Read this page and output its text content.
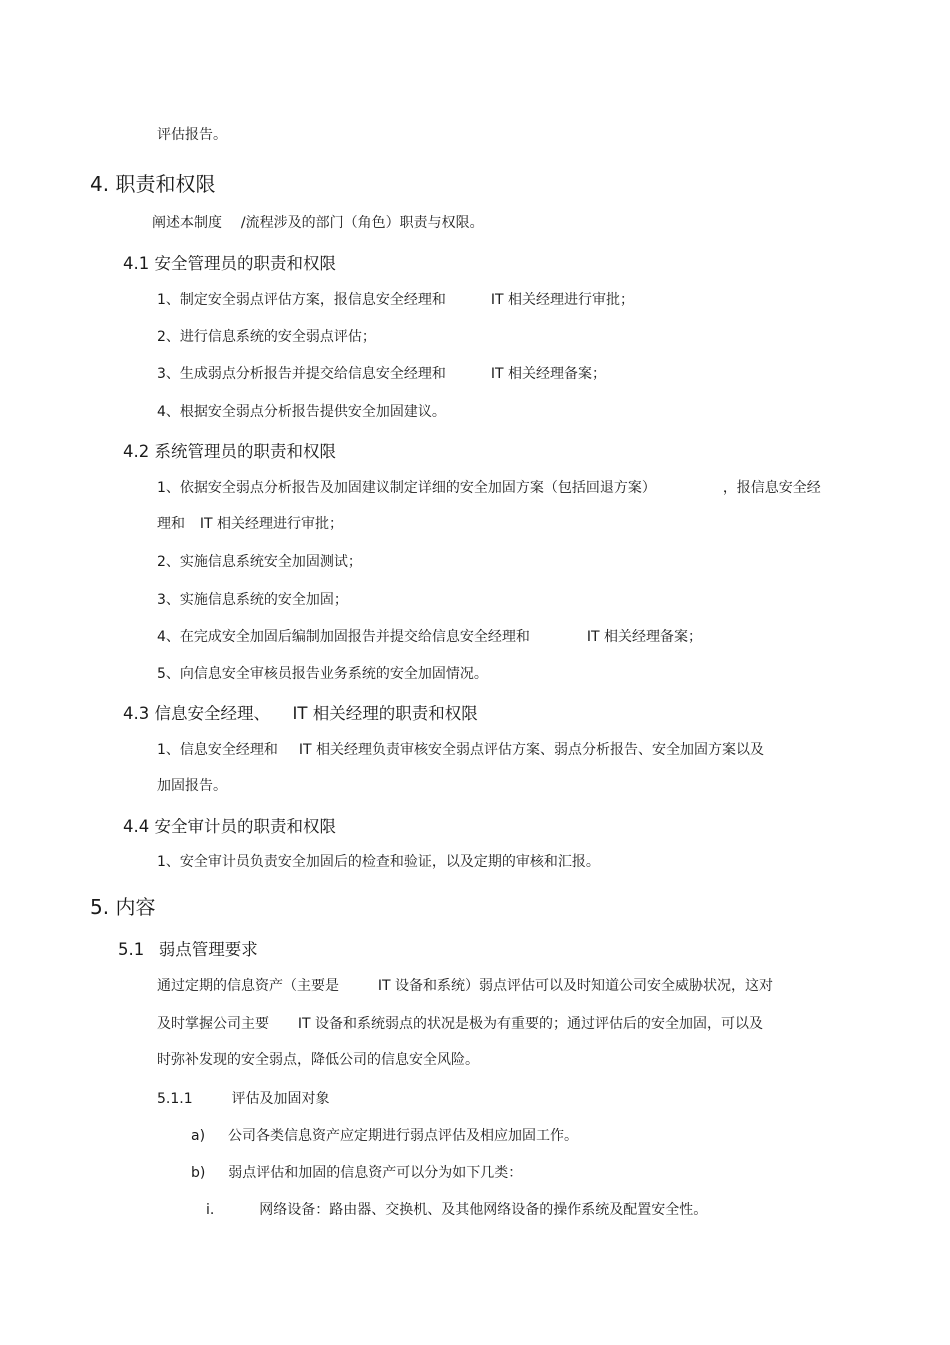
评估报告。

4. 职责和权限

阐述本制度 /流程涉及的部门（角色）职责与权限。

4.1 安全管理员的职责和权限

1、制定安全弱点评估方案，报信息安全经理和	IT 相关经理进行审批；

2、进行信息系统的安全弱点评估；

3、生成弱点分析报告并提交给信息安全经理和	IT 相关经理备案；

4、根据安全弱点分析报告提供安全加固建议。

4.2 系统管理员的职责和权限

1、依据安全弱点分析报告及加固建议制定详细的安全加固方案（包括回退方案）	，报信息安全经

理和 IT 相关经理进行审批；

2、实施信息系统安全加固测试；

3、实施信息系统的安全加固；

4、在完成安全加固后编制加固报告并提交给信息安全经理和	IT 相关经理备案；

5、向信息安全审核员报告业务系统的安全加固情况。

4.3 信息安全经理、 IT 相关经理的职责和权限

1、信息安全经理和 IT 相关经理负责审核安全弱点评估方案、弱点分析报告、安全加固方案以及

加固报告。

4.4 安全审计员的职责和权限

1、安全审计员负责安全加固后的检查和验证，以及定期的审核和汇报。

5. 内容

5.1 弱点管理要求

通过定期的信息资产（主要是	IT 设备和系统）弱点评估可以及时知道公司安全威胁状况，这对

及时掌握公司主要 IT 设备和系统弱点的状况是极为有重要的；通过评估后的安全加固，可以及

时弥补发现的安全弱点，降低公司的信息安全风险。

5.1.1	评估及加固对象

a) 公司各类信息资产应定期进行弱点评估及相应加固工作。

b) 弱点评估和加固的信息资产可以分为如下几类：

i.	网络设备：路由器、交换机、及其他网络设备的操作系统及配置安全性。
